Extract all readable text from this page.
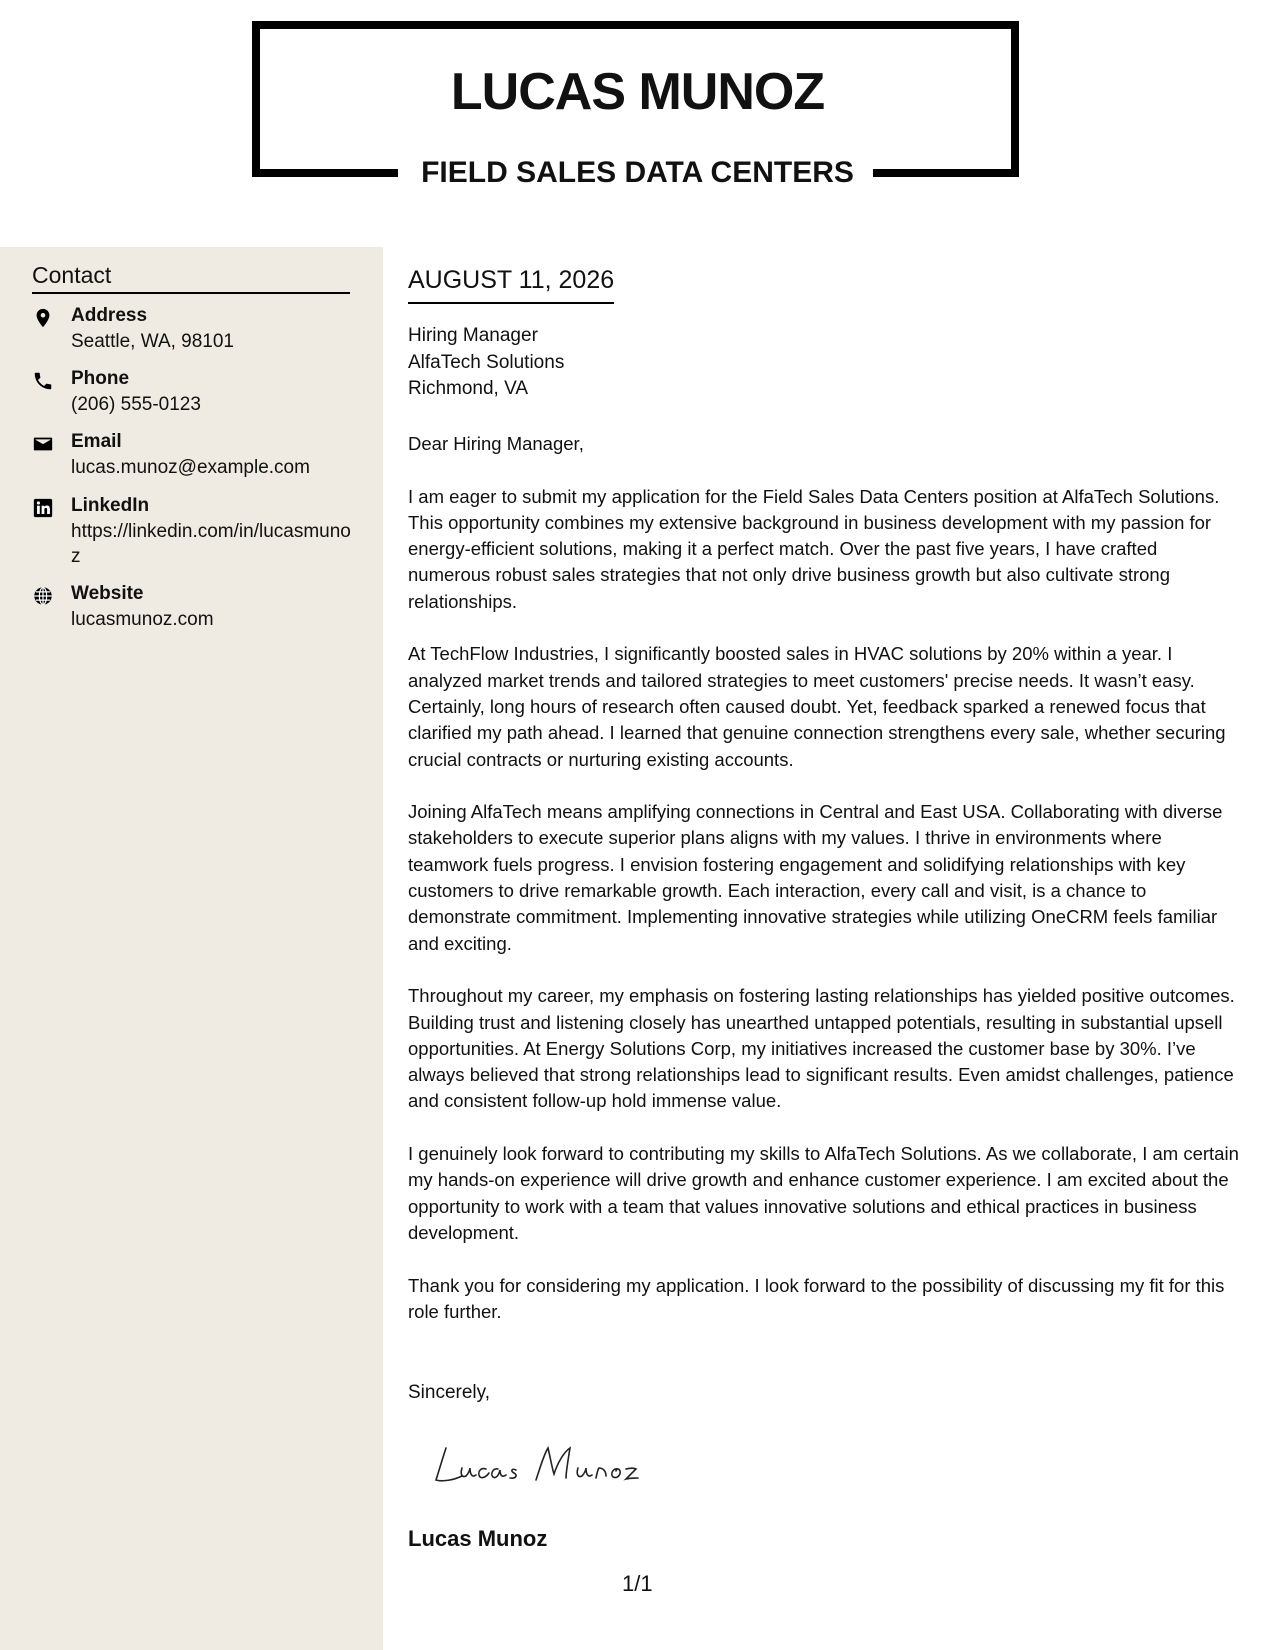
LUCAS MUNOZ
FIELD SALES DATA CENTERS
Contact
Address
Seattle, WA, 98101
Phone
(206) 555-0123
Email
lucas.munoz@example.com
LinkedIn
https://linkedin.com/in/lucasmunoz
Website
lucasmunoz.com
AUGUST 11, 2026
Hiring Manager
AlfaTech Solutions
Richmond, VA

Dear Hiring Manager,

I am eager to submit my application for the Field Sales Data Centers position at AlfaTech Solutions. This opportunity combines my extensive background in business development with my passion for energy-efficient solutions, making it a perfect match. Over the past five years, I have crafted numerous robust sales strategies that not only drive business growth but also cultivate strong relationships.

At TechFlow Industries, I significantly boosted sales in HVAC solutions by 20% within a year. I analyzed market trends and tailored strategies to meet customers' precise needs. It wasn’t easy. Certainly, long hours of research often caused doubt. Yet, feedback sparked a renewed focus that clarified my path ahead. I learned that genuine connection strengthens every sale, whether securing crucial contracts or nurturing existing accounts.

Joining AlfaTech means amplifying connections in Central and East USA. Collaborating with diverse stakeholders to execute superior plans aligns with my values. I thrive in environments where teamwork fuels progress. I envision fostering engagement and solidifying relationships with key customers to drive remarkable growth. Each interaction, every call and visit, is a chance to demonstrate commitment. Implementing innovative strategies while utilizing OneCRM feels familiar and exciting.

Throughout my career, my emphasis on fostering lasting relationships has yielded positive outcomes. Building trust and listening closely has unearthed untapped potentials, resulting in substantial upsell opportunities. At Energy Solutions Corp, my initiatives increased the customer base by 30%. I’ve always believed that strong relationships lead to significant results. Even amidst challenges, patience and consistent follow-up hold immense value.

I genuinely look forward to contributing my skills to AlfaTech Solutions. As we collaborate, I am certain my hands-on experience will drive growth and enhance customer experience. I am excited about the opportunity to work with a team that values innovative solutions and ethical practices in business development.

Thank you for considering my application. I look forward to the possibility of discussing my fit for this role further.

Sincerely,
Lucas Munoz
1/1
